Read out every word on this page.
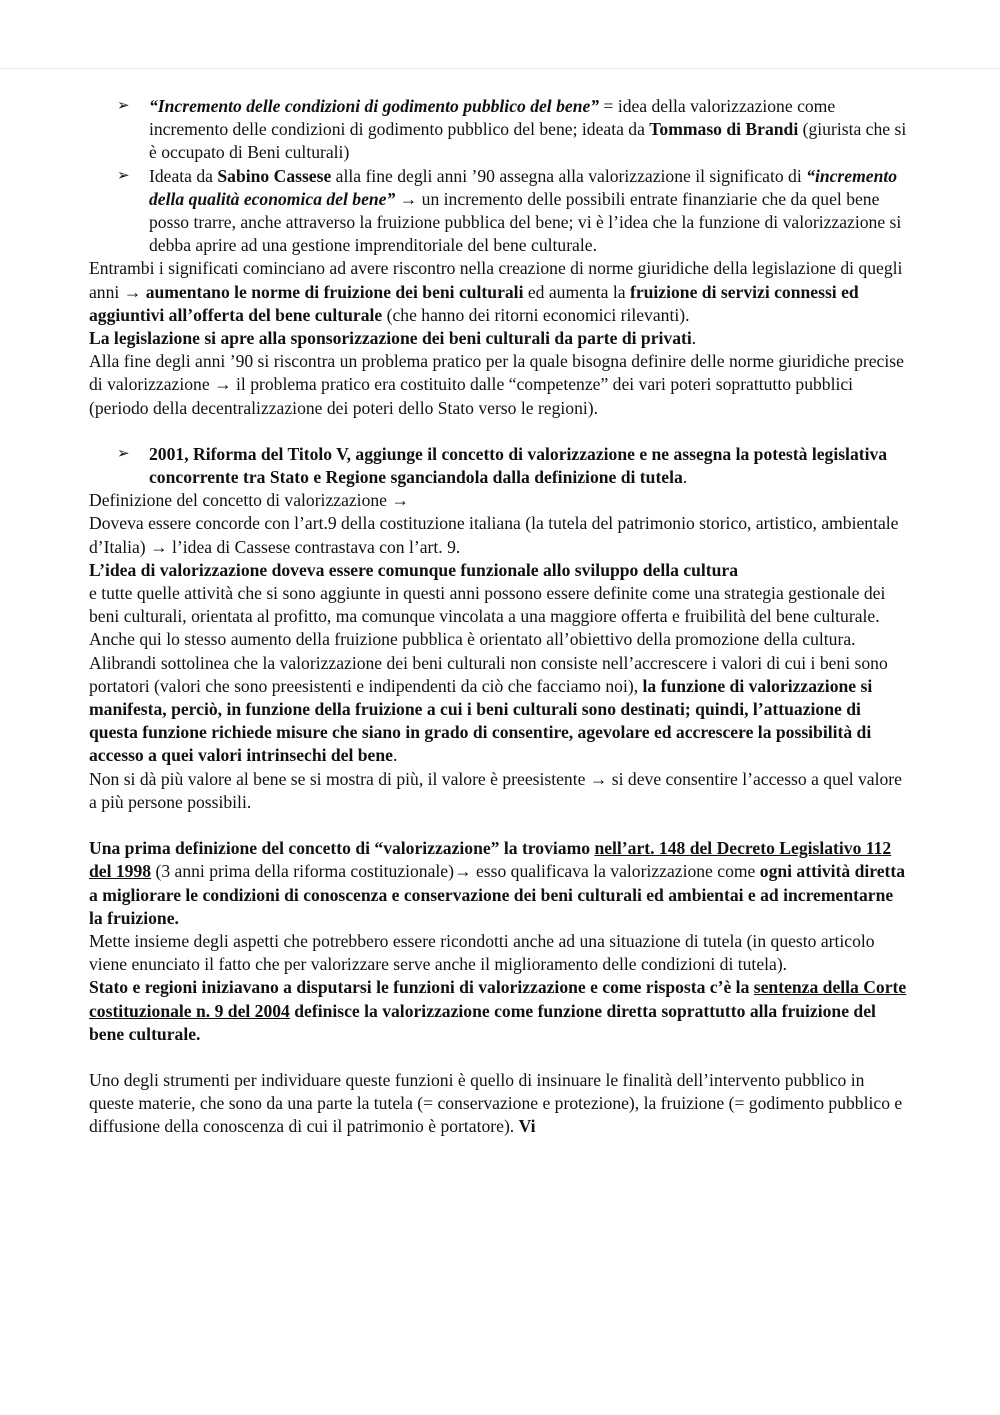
➢ “Incremento delle condizioni di godimento pubblico del bene” = idea della valorizzazione come incremento delle condizioni di godimento pubblico del bene; ideata da Tommaso di Brandi (giurista che si è occupato di Beni culturali)

➢ Ideata da Sabino Cassese alla fine degli anni ’90 assegna alla valorizzazione il significato di “incremento della qualità economica del bene” → un incremento delle possibili entrate finanziarie che da quel bene posso trarre, anche attraverso la fruizione pubblica del bene; vi è l’idea che la funzione di valorizzazione si debba aprire ad una gestione imprenditoriale del bene culturale.

Entrambi i significati cominciano ad avere riscontro nella creazione di norme giuridiche della legislazione di quegli anni → aumentano le norme di fruizione dei beni culturali ed aumenta la fruizione di servizi connessi ed aggiuntivi all’offerta del bene culturale (che hanno dei ritorni economici rilevanti).

La legislazione si apre alla sponsorizzazione dei beni culturali da parte di privati.

Alla fine degli anni ’90 si riscontra un problema pratico per la quale bisogna definire delle norme giuridiche precise di valorizzazione → il problema pratico era costituito dalle “competenze” dei vari poteri soprattutto pubblici (periodo della decentralizzazione dei poteri dello Stato verso le regioni).

➢ 2001, Riforma del Titolo V, aggiunge il concetto di valorizzazione e ne assegna la potestà legislativa concorrente tra Stato e Regione sganciandola dalla definizione di tutela.

Definizione del concetto di valorizzazione →

Doveva essere concorde con l’art.9 della costituzione italiana (la tutela del patrimonio storico, artistico, ambientale d’Italia) → l’idea di Cassese contrastava con l’art. 9.

L’idea di valorizzazione doveva essere comunque funzionale allo sviluppo della cultura

e tutte quelle attività che si sono aggiunte in questi anni possono essere definite come una strategia gestionale dei beni culturali, orientata al profitto, ma comunque vincolata a una maggiore offerta e fruibilità del bene culturale.

Anche qui lo stesso aumento della fruizione pubblica è orientato all’obiettivo della promozione della cultura.

Alibrandi sottolinea che la valorizzazione dei beni culturali non consiste nell’accrescere i valori di cui i beni sono portatori (valori che sono preesistenti e indipendenti da ciò che facciamo noi), la funzione di valorizzazione si manifesta, perciò, in funzione della fruizione a cui i beni culturali sono destinati; quindi, l’attuazione di questa funzione richiede misure che siano in grado di consentire, agevolare ed accrescere la possibilità di accesso a quei valori intrinsechi del bene.

Non si dà più valore al bene se si mostra di più, il valore è preesistente → si deve consentire l’accesso a quel valore a più persone possibili.

Una prima definizione del concetto di “valorizzazione” la troviamo nell’art. 148 del Decreto Legislativo 112 del 1998 (3 anni prima della riforma costituzionale)→ esso qualificava la valorizzazione come ogni attività diretta a migliorare le condizioni di conoscenza e conservazione dei beni culturali ed ambientai e ad incrementarne la fruizione.

Mette insieme degli aspetti che potrebbero essere ricondotti anche ad una situazione di tutela (in questo articolo viene enunciato il fatto che per valorizzare serve anche il miglioramento delle condizioni di tutela).

Stato e regioni iniziavano a disputarsi le funzioni di valorizzazione e come risposta c’è la sentenza della Corte costituzionale n. 9 del 2004 definisce la valorizzazione come funzione diretta soprattutto alla fruizione del bene culturale.

Uno degli strumenti per individuare queste funzioni è quello di insinuare le finalità dell’intervento pubblico in queste materie, che sono da una parte la tutela (= conservazione e protezione), la fruizione (= godimento pubblico e diffusione della conoscenza di cui il patrimonio è portatore). Vi
